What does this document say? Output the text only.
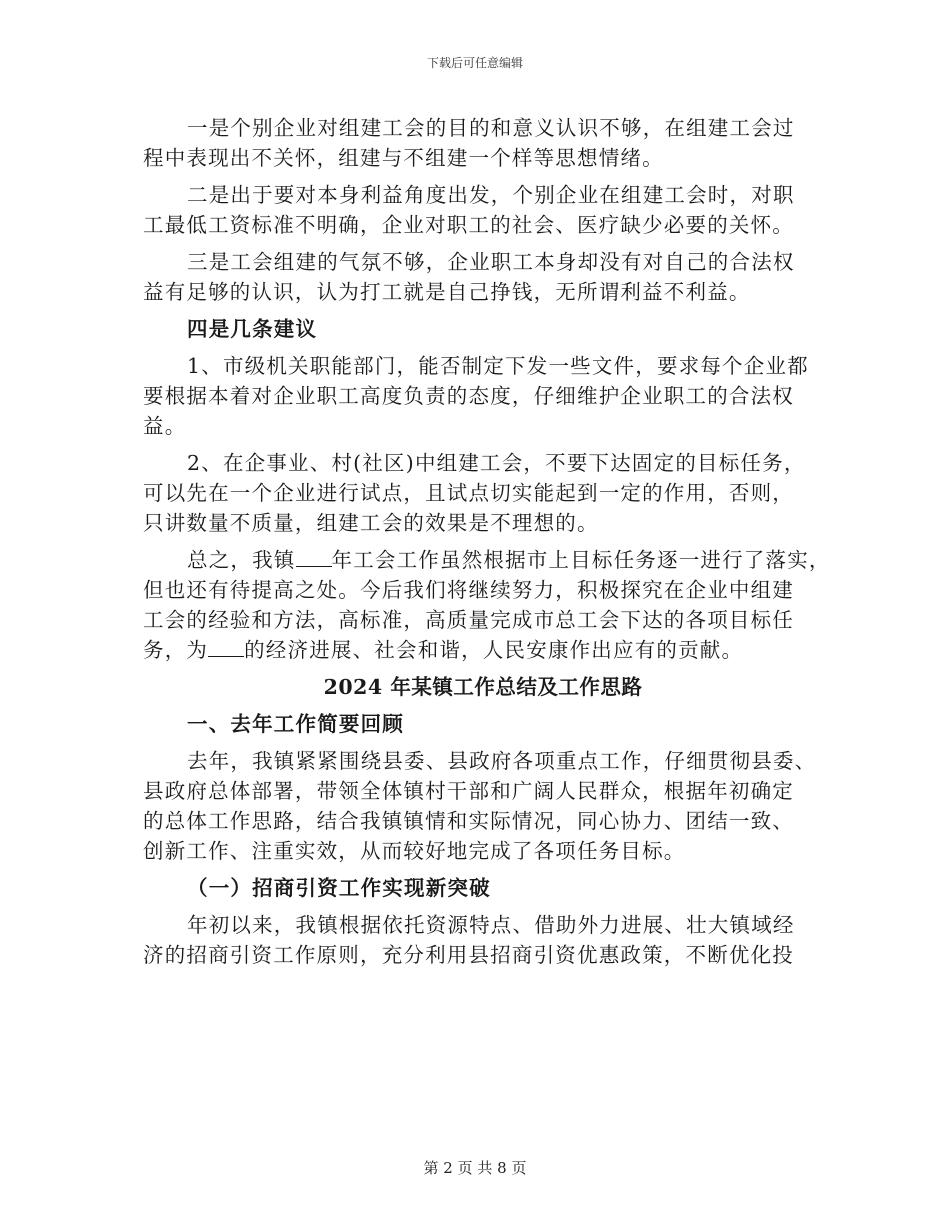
下载后可任意编辑
一是个别企业对组建工会的目的和意义认识不够，在组建工会过
程中表现出不关怀，组建与不组建一个样等思想情绪。
二是出于要对本身利益角度出发，个别企业在组建工会时，对职
工最低工资标准不明确，企业对职工的社会、医疗缺少必要的关怀。
三是工会组建的气氛不够，企业职工本身却没有对自己的合法权
益有足够的认识，认为打工就是自己挣钱，无所谓利益不利益。
四是几条建议
1、市级机关职能部门，能否制定下发一些文件，要求每个企业都
要根据本着对企业职工高度负责的态度，仔细维护企业职工的合法权
益。
2、在企事业、村(社区)中组建工会，不要下达固定的目标任务，
可以先在一个企业进行试点，且试点切实能起到一定的作用，否则，
只讲数量不质量，组建工会的效果是不理想的。
总之，我镇 年工会工作虽然根据市上目标任务逐一进行了落实，
但也还有待提高之处。今后我们将继续努力，积极探究在企业中组建
工会的经验和方法，高标准，高质量完成市总工会下达的各项目标任
务，为 的经济进展、社会和谐，人民安康作出应有的贡献。
2024 年某镇工作总结及工作思路
一、去年工作简要回顾
去年，我镇紧紧围绕县委、县政府各项重点工作，仔细贯彻县委、
县政府总体部署，带领全体镇村干部和广阔人民群众，根据年初确定
的总体工作思路，结合我镇镇情和实际情况，同心协力、团结一致、
创新工作、注重实效，从而较好地完成了各项任务目标。
（一）招商引资工作实现新突破
年初以来，我镇根据依托资源特点、借助外力进展、壮大镇域经
济的招商引资工作原则，充分利用县招商引资优惠政策，不断优化投
第 2 页 共 8 页
